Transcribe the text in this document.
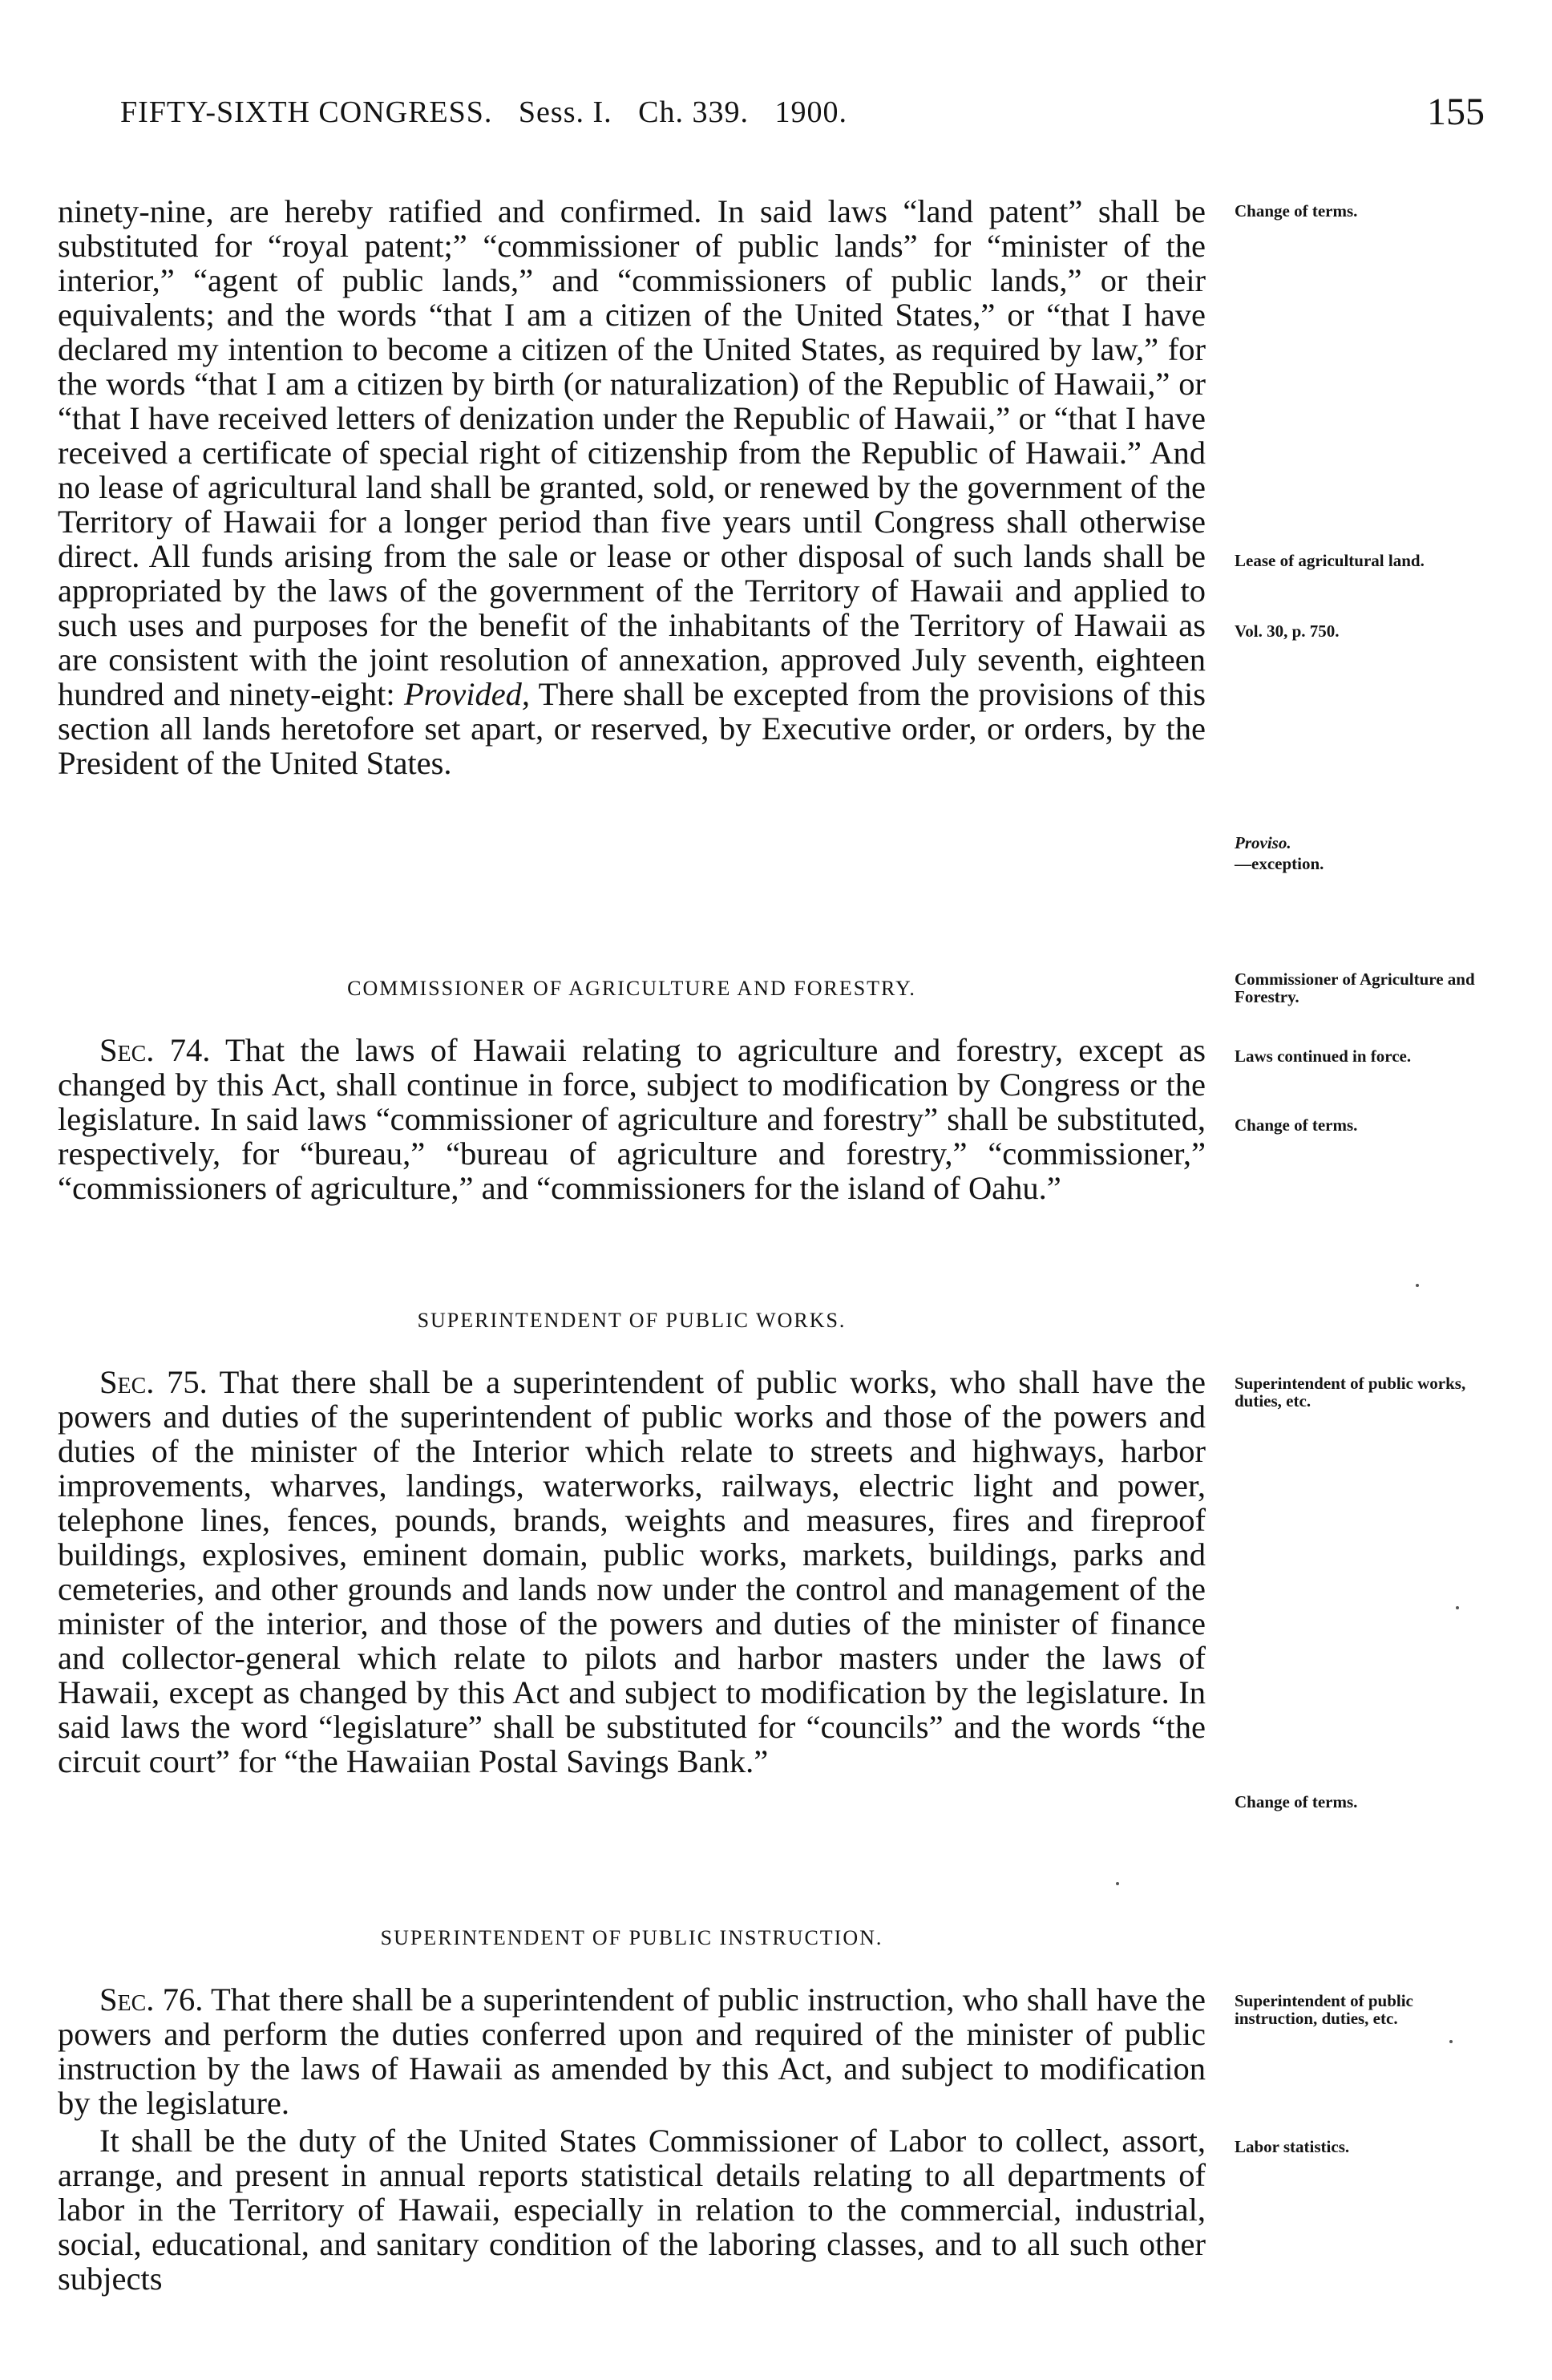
FIFTY-SIXTH CONGRESS. Sess. I. Ch. 339. 1900.	155

ninety-nine, are hereby ratified and confirmed. In said laws “land patent” shall be substituted for “royal patent;” “commissioner of public lands” for “minister of the interior,” “agent of public lands,” and “commissioners of public lands,” or their equivalents; and the words “that I am a citizen of the United States,” or “that I have declared my intention to become a citizen of the United States, as required by law,” for the words “that I am a citizen by birth (or naturalization) of the Republic of Hawaii,” or “that I have received letters of denization under the Republic of Hawaii,” or “that I have received a certificate of special right of citizenship from the Republic of Hawaii.” And no lease of agricultural land shall be granted, sold, or renewed by the government of the Territory of Hawaii for a longer period than five years until Congress shall otherwise direct. All funds arising from the sale or lease or other disposal of such lands shall be appropriated by the laws of the government of the Territory of Hawaii and applied to such uses and purposes for the benefit of the inhabitants of the Territory of Hawaii as are consistent with the joint resolution of annexation, approved July seventh, eighteen hundred and ninety-eight: Provided, There shall be excepted from the provisions of this section all lands heretofore set apart, or reserved, by Executive order, or orders, by the President of the United States.

COMMISSIONER OF AGRICULTURE AND FORESTRY.

Sec. 74. That the laws of Hawaii relating to agriculture and forestry, except as changed by this Act, shall continue in force, subject to modification by Congress or the legislature. In said laws “commissioner of agriculture and forestry” shall be substituted, respectively, for “bureau,” “bureau of agriculture and forestry,” “commissioner,” “commissioners of agriculture,” and “commissioners for the island of Oahu.”

SUPERINTENDENT OF PUBLIC WORKS.

Sec. 75. That there shall be a superintendent of public works, who shall have the powers and duties of the superintendent of public works and those of the powers and duties of the minister of the Interior which relate to streets and highways, harbor improvements, wharves, landings, waterworks, railways, electric light and power, telephone lines, fences, pounds, brands, weights and measures, fires and fireproof buildings, explosives, eminent domain, public works, markets, buildings, parks and cemeteries, and other grounds and lands now under the control and management of the minister of the interior, and those of the powers and duties of the minister of finance and collector-general which relate to pilots and harbor masters under the laws of Hawaii, except as changed by this Act and subject to modification by the legislature. In said laws the word “legislature” shall be substituted for “councils” and the words “the circuit court” for “the Hawaiian Postal Savings Bank.”

SUPERINTENDENT OF PUBLIC INSTRUCTION.

Sec. 76. That there shall be a superintendent of public instruction, who shall have the powers and perform the duties conferred upon and required of the minister of public instruction by the laws of Hawaii as amended by this Act, and subject to modification by the legislature.

It shall be the duty of the United States Commissioner of Labor to collect, assort, arrange, and present in annual reports statistical details relating to all departments of labor in the Territory of Hawaii, especially in relation to the commercial, industrial, social, educational, and sanitary condition of the laboring classes, and to all such other subjects

Change of terms.
Lease of agricultural land.
Vol. 30, p. 750.
Proviso.
—exception.
Commissioner of Agriculture and Forestry.
Laws continued in force.
Change of terms.
Superintendent of public works, duties, etc.
Change of terms.
Superintendent of public instruction, duties, etc.
Labor statistics.
